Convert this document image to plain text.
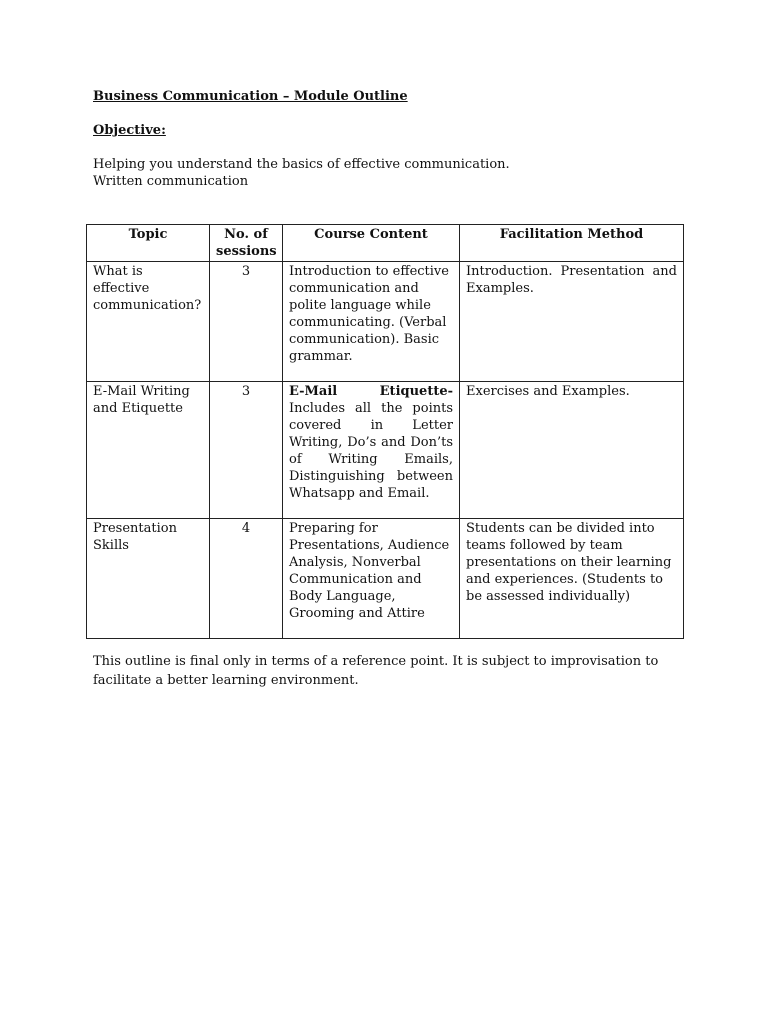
Business Communication – Module Outline
Objective:
Helping you understand the basics of effective communication.
Written communication
Topic	No. of sessions	Course Content	Facilitation Method
What is effective communication?	3	Introduction to effective communication and polite language while communicating. (Verbal communication). Basic grammar.	Introduction. Presentation and Examples.
E-Mail Writing and Etiquette	3	E-Mail Etiquette- Includes all the points covered in Letter Writing, Do’s and Don’ts of Writing Emails, Distinguishing between Whatsapp and Email.	Exercises and Examples.
Presentation Skills	4	Preparing for Presentations, Audience Analysis, Nonverbal Communication and Body Language, Grooming and Attire	Students can be divided into teams followed by team presentations on their learning and experiences. (Students to be assessed individually)
This outline is final only in terms of a reference point. It is subject to improvisation to facilitate a better learning environment.
